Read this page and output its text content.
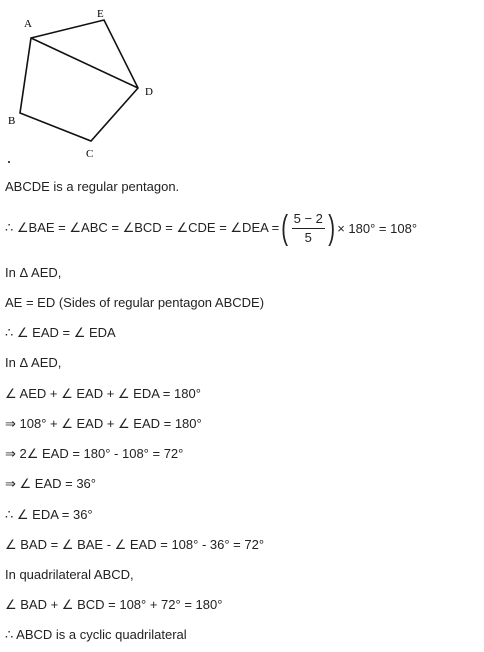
A
E
D
B
C
ABCDE is a regular pentagon.
∴ ∠BAE = ∠ABC = ∠BCD = ∠CDE = ∠DEA = ( $\frac{5 - 2}{5}$ ) × 180° = 108°
In Δ AED,
AE = ED (Sides of regular pentagon ABCDE)
∴ ∠ EAD = ∠ EDA
In Δ AED,
∠ AED + ∠ EAD + ∠ EDA = 180°
⇒ 108° + ∠ EAD + ∠ EAD = 180°
⇒ 2∠ EAD = 180° - 108° = 72°
⇒ ∠ EAD = 36°
∴ ∠ EDA = 36°
∠ BAD = ∠ BAE - ∠ EAD = 108° - 36° = 72°
In quadrilateral ABCD,
∠ BAD + ∠ BCD = 108° + 72° = 180°
∴ ABCD is a cyclic quadrilateral
